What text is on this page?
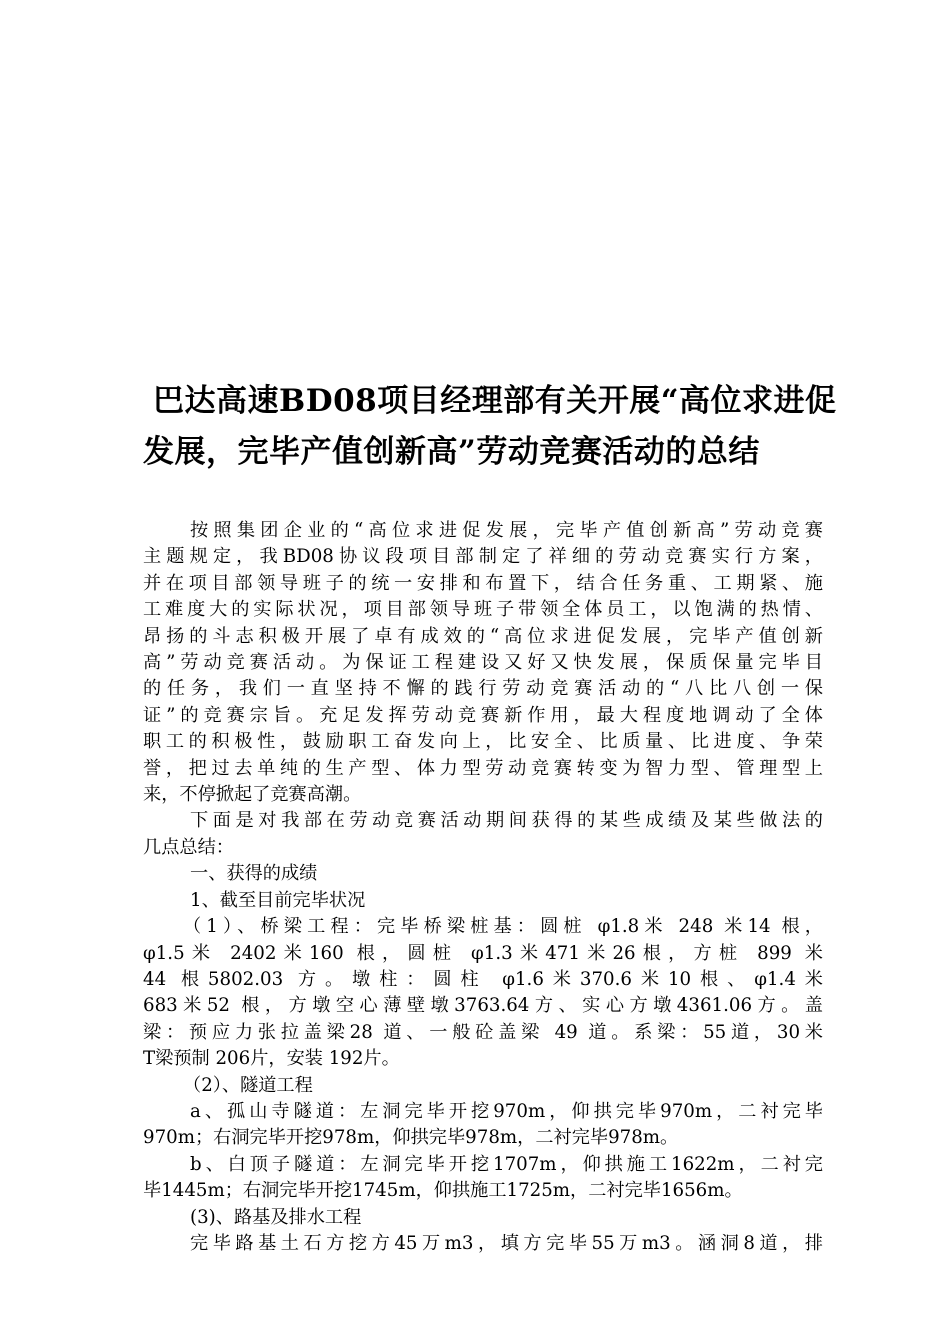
巴达高速BD08项目经理部有关开展“高位求进促
发展，完毕产值创新高”劳动竞赛活动的总结
按照集团企业的“高位求进促发展，完毕产值创新高”劳动竞赛
主题规定，我BD08协议段项目部制定了祥细的劳动竞赛实行方案，
并在项目部领导班子的统一安排和布置下，结合任务重、工期紧、施
工难度大的实际状况，项目部领导班子带领全体员工，以饱满的热情、
昂扬的斗志积极开展了卓有成效的“高位求进促发展，完毕产值创新
高”劳动竞赛活动。为保证工程建设又好又快发展，保质保量完毕目
的任务，我们一直坚持不懈的践行劳动竞赛活动的“八比八创一保
证”的竞赛宗旨。充足发挥劳动竞赛新作用，最大程度地调动了全体
职工的积极性，鼓励职工奋发向上，比安全、比质量、比进度、争荣
誉，把过去单纯的生产型、体力型劳动竞赛转变为智力型、管理型上
来，不停掀起了竞赛高潮。
下面是对我部在劳动竞赛活动期间获得的某些成绩及某些做法的
几点总结：
一、获得的成绩
1、截至目前完毕状况
（1）、桥梁工程：完毕桥梁桩基：圆桩 φ1.8米 248 米14 根，
φ1.5米 2402米160 根，圆桩 φ1.3米471米26根，方桩 899 米
44 根5802.03 方。墩柱：圆柱 φ1.6米370.6米10根、φ1.4米
683米52 根，方墩空心薄壁墩3763.64方、实心方墩4361.06方。盖
梁：预应力张拉盖梁28 道、一般砼盖梁 49 道。系梁：55道，30米
T梁预制 206片，安装 192片。
（2）、隧道工程
a、孤山寺隧道：左洞完毕开挖970m，仰拱完毕970m，二衬完毕
970m；右洞完毕开挖978m，仰拱完毕978m，二衬完毕978m。
b、白顶子隧道：左洞完毕开挖1707m，仰拱施工1622m，二衬完
毕1445m；右洞完毕开挖1745m，仰拱施工1725m，二衬完毕1656m。
(3)、路基及排水工程
完毕路基土石方挖方45万m3，填方完毕55万m3。涵洞8道，排
